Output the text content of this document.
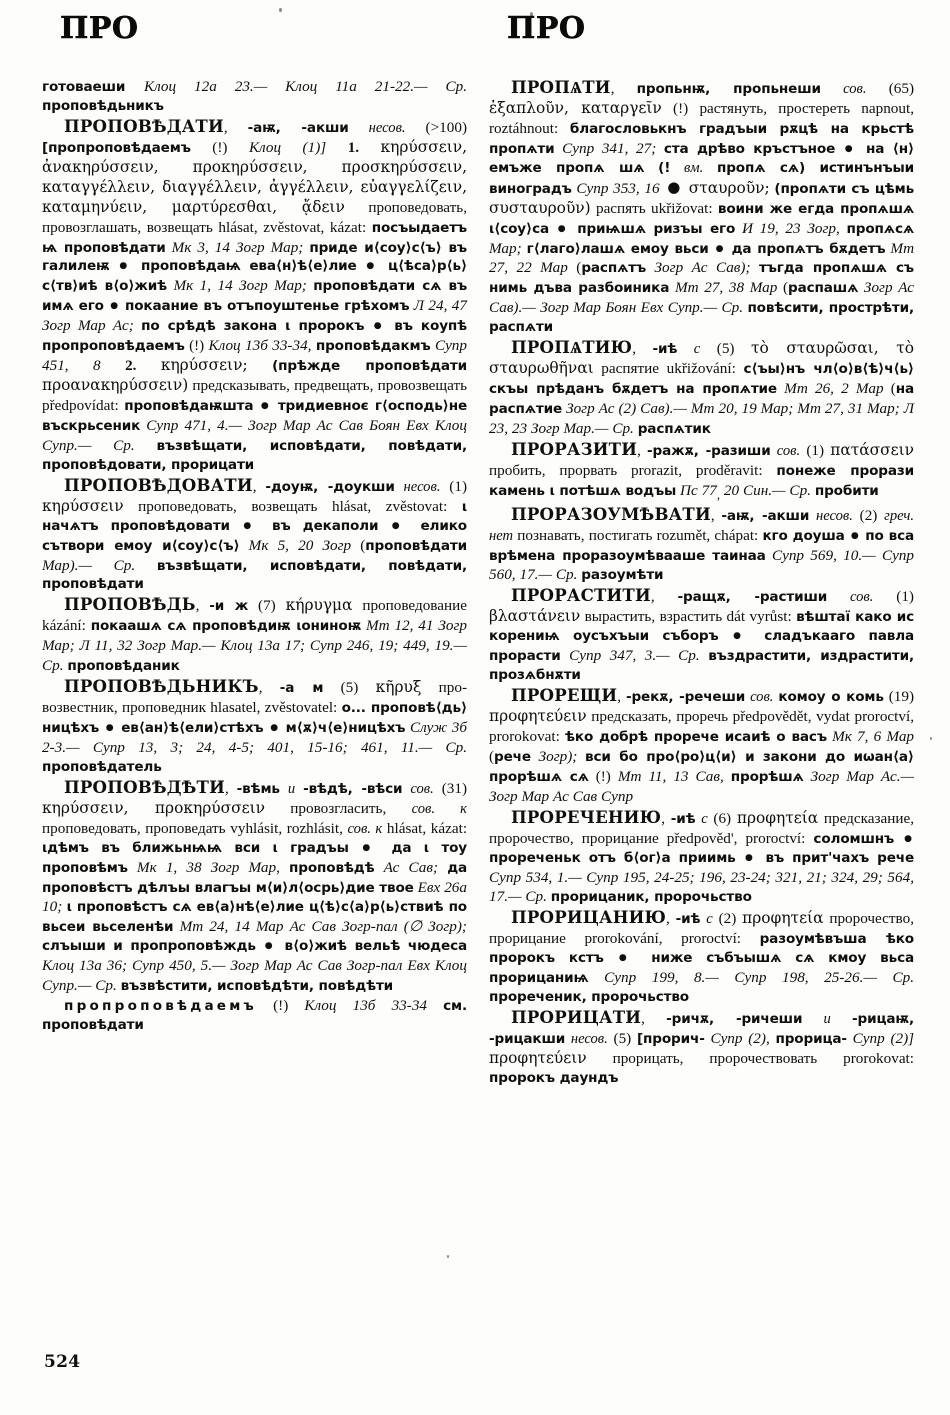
ПРО

готоваеши Клоц 12а 23.— Клоц 11а 21-22.— Ср. проповѣдьникъ

ПРОПОВѢДАТИ, -аѭ, -акши несов. (>100) [пропроповѣдаемъ (!) Клоц (1)] 1. κηρύσσειν, ἀνακηρύσσειν, προκηρύσσειν, προσκηρύσσειν, καταγγέλλειν, διαγγέλλειν, ἀγγέλλειν, εὐαγγελίζειν, καταμηνύειν, μαρτύρεσθαι, ᾄδειν проповедовать, провозглашать, возвещать hlásat, zvěstovat, kázat: посъыдаетъ ѩ проповѣдати Мк 3, 14 Зогр Мар; приде и⟨соу⟩с⟨ъ⟩ въ галилеѭ ● проповѣдаѩ ева⟨н⟩ѣ⟨е⟩лие ● ц⟨ѣса⟩р⟨ь⟩с⟨тв⟩иѣ в⟨о⟩жиѣ Мк 1, 14 Зогр Мар; проповѣдати сѧ въ имѧ его ● покаание въ отъпоуштенье грѣхомъ Л 24, 47 Зогр Мар Ас; по срѣдѣ закона ι пророкъ ● въ коупѣ пропроповѣдаемъ (!) Клоц 13б 33-34, проповѣдакмъ Супр 451, 8 2. κηρύσσειν; (прѣжде проповѣдати προαναкηρύσσειν) предсказывать, предвещать, провозвещать předpovídat: проповѣдаѭшта ● тридиевноє г⟨осподь⟩не въскрьсеник Супр 471, 4.— Зогр Мар Ас Сав Боян Евх Клоц Супр.— Ср. възвѣщати, исповѣдати, повѣдати, проповѣдовати, прорицати

ПРОПОВѢДОВАТИ, -доуѭ, -доукши несов. (1) κηρύσσειν проповедовать, возвещать hlásat, zvěstovat: ι начѧтъ проповѣдовати ● въ декаполи ● елико сътвори емоу и⟨соу⟩с⟨ъ⟩ Мк 5, 20 Зогр (проповѣдати Мар).— Ср. възвѣщати, исповѣдати, повѣдати, проповѣдати

ПРОПОВѢДЬ, -и ж (7) κήρυγμα проповедование kázání: покаашѧ сѧ проповѣдиѭ ιониноѭ Мт 12, 41 Зогр Мар; Л 11, 32 Зогр Мар.— Клоц 13а 17; Супр 246, 19; 449, 19.— Ср. проповѣданик

ПРОПОВѢДЬНИКЪ, -а м (5) κῆρυξ провозвестник, проповедник hlasatel, zvěstovatel: о... проповѣ⟨дь⟩ницѣхъ ● ев⟨ан⟩ѣ⟨ели⟩стѣхъ ● м⟨ѫ⟩ч⟨е⟩ницѣхъ Служ 3б 2-3.— Супр 13, 3; 24, 4-5; 401, 15-16; 461, 11.— Ср. проповѣдатель

ПРОПОВѢДѢТИ, -вѣмь и -вѣдѣ, -вѣси сов. (31) κηρύσσειν, προκηρύσσειν провозгласить, сов. к проповедовать, проповедать vyhlásit, rozhlásit, сов. к hlásat, kázat: ιдѣмъ въ ближьнѩѩ вси ι градъы ● да ι тоу проповѣмъ Мк 1, 38 Зогр Мар, проповѣдѣ Ас Сав; да проповѣстъ дѣлъы влагъы м⟨и⟩л⟨осрь⟩дие твое Евх 26а 10; ι проповѣстъ сѧ ев⟨а⟩нѣ⟨е⟩лие ц⟨ѣ⟩с⟨а⟩р⟨ь⟩ствиѣ по вьсеи вьселенѣи Мт 24, 14 Мар Ас Сав Зогр-пал (∅ Зогр); слъыши и пропроповѣждь ● в⟨о⟩жиѣ вельѣ чюдеса Клоц 13а 36; Супр 450, 5.— Зогр Мар Ас Сав Зогр-пал Евх Клоц Супр.— Ср. възвѣстити, исповѣдѣти, повѣдѣти

пропроповѣдаемъ (!) Клоц 13б 33-34 см. проповѣдати

ПРО

ПРОПѦТИ, пропьнѭ, пропьнеши сов. (65) ἐξαπλοῦν, καταργεῖν (!) растянуть, простереть napnout, roztáhnout: благословькнъ градъыи рѫцѣ на крьстѣ пропѧти Супр 341, 27; ста дрѣво кръстъное ● на ⟨н⟩емъже пропѧ шѧ (! вм. пропѧ сѧ) истинънъыи виноградъ Супр 353, 16 ● σταυροῦν; (пропѧти съ цѣмь συσταυροῦν) распять ukřižovat: воини же егда пропѧшѧ ι⟨соу⟩са ● приѩшѧ ризъы его И 19, 23 Зогр, пропѧсѧ Мар; г⟨лаго⟩лашѧ емоу вьси ● да пропѧтъ бѫдетъ Мт 27, 22 Мар (распѧтъ Зогр Ас Сав); тъгда пропѧшѧ съ нимь дъва разбоиника Мт 27, 38 Мар (распашѧ Зогр Ас Сав).— Зогр Мар Боян Евх Супр.— Ср. повѣсити, прострѣти, распѧти

ПРОПѦТИЮ, -иѣ с (5) τὸ σταυρῶσαι, τὸ σταυρωθῆναι распятие ukřižování: с⟨ъы⟩нъ чл⟨о⟩в⟨ѣ⟩ч⟨ь⟩скъы прѣданъ бѫдетъ на пропѧтие Мт 26, 2 Мар (на распѧтие Зогр Ас (2) Сав).— Мт 20, 19 Мар; Мт 27, 31 Мар; Л 23, 23 Зогр Мар.— Ср. распѧтик

ПРОРАЗИТИ, -ражѫ, -разиши сов. (1) πατάσσειν пробить, прорвать prorazit, proděravit: понеже прорази камень ι потѣшѧ водъы Пс $77_,$ 20 Син.— Ср. пробити

ПРОРАЗОУМѢВАТИ, -аѭ, -акши несов. (2) греч. нет познавать, постигать rozumět, chápat: кго доуша ● по вса врѣмена проразоумѣвааше таинаа Супр 569, 10.— Супр 560, 17.— Ср. разоумѣти

ПРОРАСТИТИ, -ращѫ, -растиши сов. (1) βλαστάνειν вырастить, взрастить dát vyrůst: вѣштаї како ис корениѩ оусъхъыи съборъ ● сладъкааго павла прорасти Супр 347, 3.— Ср. въздрастити, издрастити, прозѧбнѫти

ПРОРЕЩИ, -рекѫ, -речеши сов. комоу о комь (19) προφητεύειν предсказать, проречь předpovědět, vydat proroctví, prorokovat: ѣко добрѣ прорече исаиѣ о васъ Мк 7, 6 Мар (рече Зогр); вси бо про⟨ро⟩ц⟨и⟩ и закони до иѡан⟨а⟩ прорѣшѧ сѧ (!) Мт 11, 13 Сав, прорѣшѧ Зогр Мар Ас.— Зогр Мар Ас Сав Супр

ПРОРЕЧЕНИЮ, -иѣ с (6) προφητεία предсказание, пророчество, прорицание předpověd', proroctví: соломшнъ ● прореченьк отъ б⟨ог⟩а приимь ● въ прит'чахъ рече Супр 534, 1.— Супр 195, 24-25; 196, 23-24; 321, 21; 324, 29; 564, 17.— Ср. прорицаник, пророчьство

ПРОРИЦАНИЮ, -иѣ с (2) προφητεία пророчество, прорицание prorokování, proroctví: разоумѣвъша ѣко пророкъ кстъ ● ниже събъышѧ сѧ кмоу вьса прорицаниѩ Супр 199, 8.— Супр 198, 25-26.— Ср. прореченик, пророчьство

ПРОРИЦАТИ, -ричѫ, -ричеши и -рицаѭ, -рицакши несов. (5) [прорич- Супр (2), прорица- Супр (2)] προφητεύειν прорицать, пророчествовать prorokovat: пророкъ даундъ

524
